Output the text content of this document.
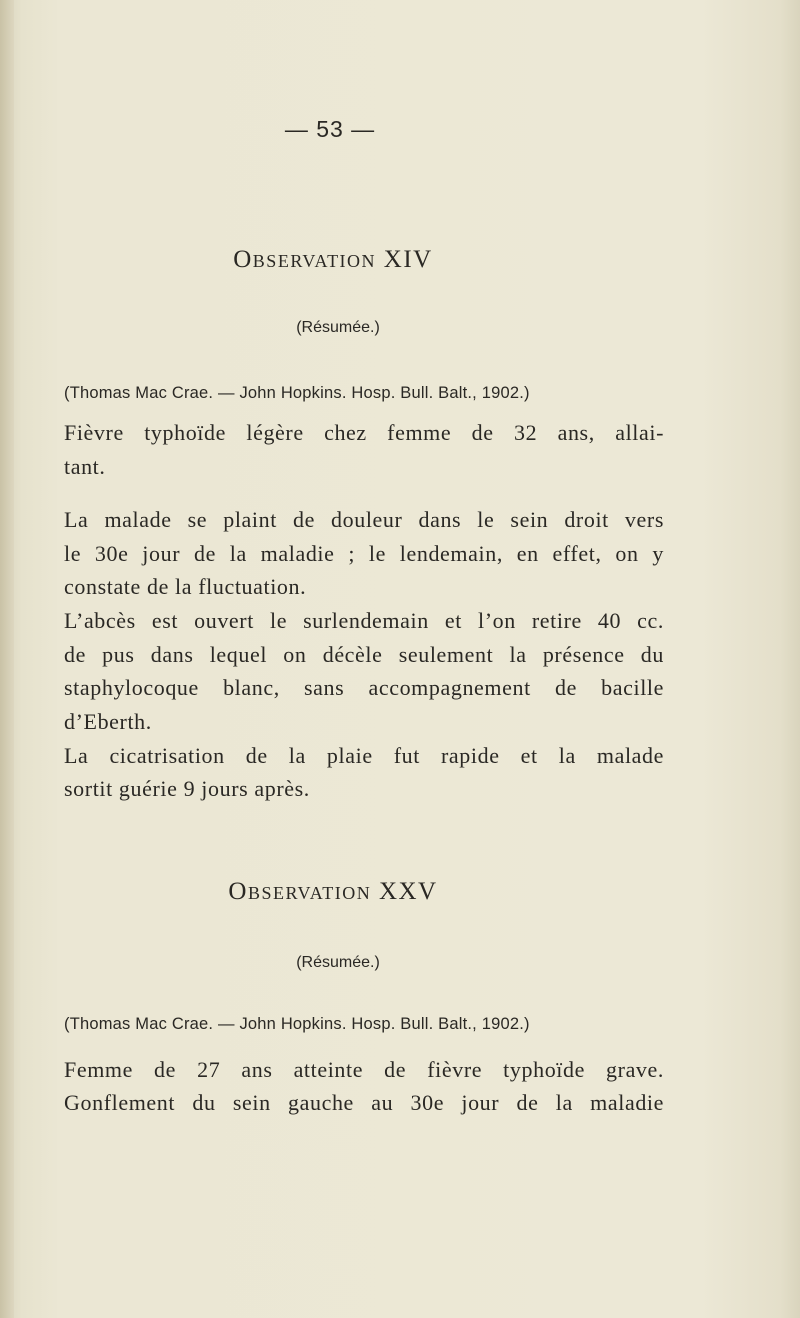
— 53 —
Observation XIV
(Résumée.)
(Thomas Mac Crae. — John Hopkins. Hosp. Bull. Balt., 1902.)
Fièvre typhoïde légère chez femme de 32 ans, allai-
tant.
La malade se plaint de douleur dans le sein droit vers
le 30e jour de la maladie ; le lendemain, en effet, on y
constate de la fluctuation.
L’abcès est ouvert le surlendemain et l’on retire 40 cc.
de pus dans lequel on décèle seulement la présence du
staphylocoque blanc, sans accompagnement de bacille
d’Eberth.
La cicatrisation de la plaie fut rapide et la malade
sortit guérie 9 jours après.
Observation XXV
(Résumée.)
(Thomas Mac Crae. — John Hopkins. Hosp. Bull. Balt., 1902.)
Femme de 27 ans atteinte de fièvre typhoïde grave.
Gonflement du sein gauche au 30e jour de la maladie
